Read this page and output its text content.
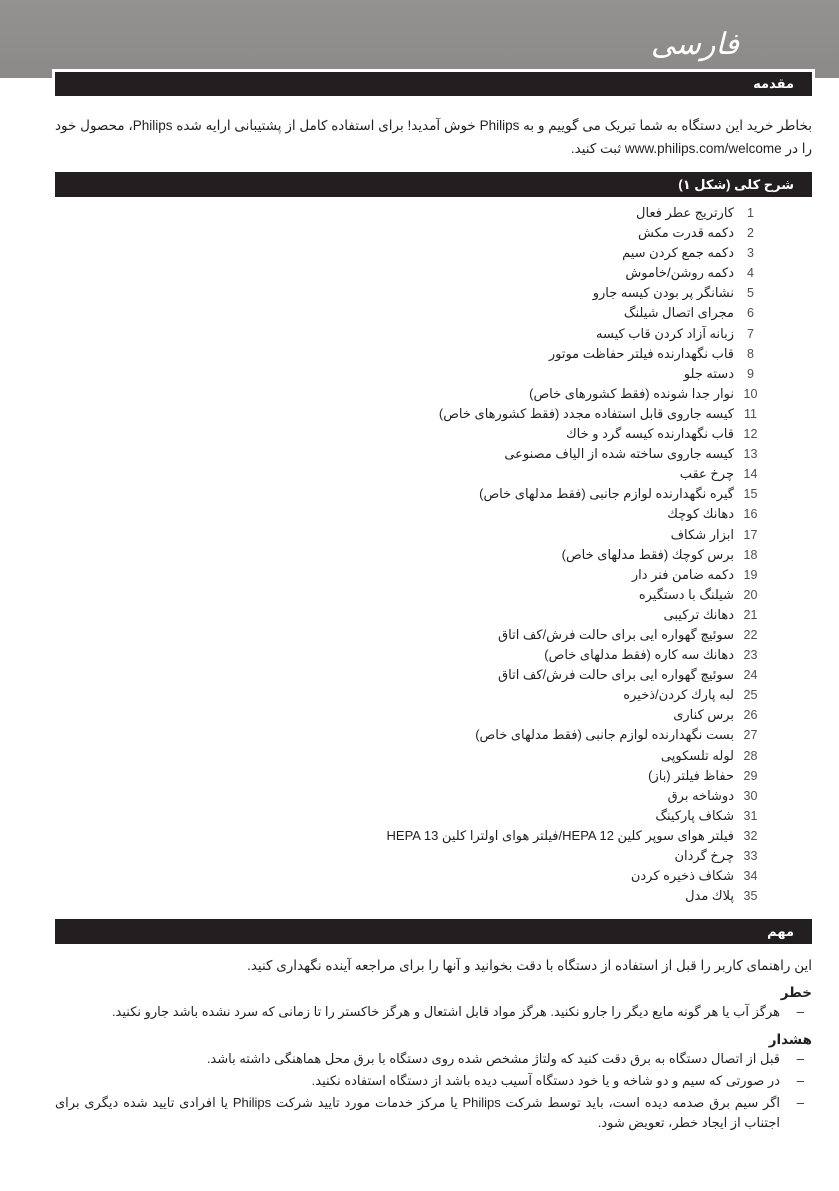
فارسی
مقدمه

بخاطر خرید این دستگاه به شما تبریک می گوییم و به Philips خوش آمدید! برای استفاده کامل از پشتیبانی ارایه شده Philips، محصول خود را در www.philips.com/welcome ثبت کنید.

شرح کلی (شکل ۱)
1
کارتریج عطر فعال
2
دکمه قدرت مکش
3
دکمه جمع کردن سیم
4
دکمه روشن/خاموش
5
نشانگر پر بودن کیسه جارو
6
مجرای اتصال شیلنگ
7
زبانه آزاد کردن قاب کیسه
8
قاب نگهدارنده فیلتر حفاظت موتور
9
دسته جلو
10
نوار جدا شونده (فقط کشورهای خاص)
11
کیسه جاروی قابل استفاده مجدد (فقط کشورهای خاص)
12
قاب نگهدارنده کیسه گرد و خاك
13
کیسه جاروی ساخته شده از الیاف مصنوعی
14
چرخ عقب
15
گیره نگهدارنده لوازم جانبی (فقط مدلهای خاص)
16
دهانك كوچك
17
ابزار شکاف
18
برس كوچك (فقط مدلهای خاص)
19
دکمه ضامن فنر دار
20
شیلنگ با دستگیره
21
دهانك ترکیبی
22
سوئیچ گهواره ایی برای حالت فرش/کف اتاق
23
دهانك سه كاره (فقط مدلهای خاص)
24
سوئیچ گهواره ایی برای حالت فرش/کف اتاق
25
لبه پارك کردن/ذخیره
26
برس کناری
27
بست نگهدارنده لوازم جانبی (فقط مدلهای خاص)
28
لوله تلسکوپی
29
حفاظ فیلتر (باز)
30
دوشاخه برق
31
شکاف پارکینگ
32
فیلتر هوای سوپر کلین HEPA 12/فیلتر هوای اولترا کلین HEPA 13
33
چرخ گردان
34
شکاف ذخیره کردن
35
پلاك مدل
مهم

این راهنمای کاربر را قبل از استفاده از دستگاه با دقت بخوانید و آنها را برای مراجعه آینده نگهداری کنید.

خطر
–
هرگز آب یا هر گونه مایع دیگر را جارو نکنید. هرگز مواد قابل اشتعال و هرگز خاکستر را تا زمانی که سرد نشده باشد جارو نکنید.
هشدار
–
قبل از اتصال دستگاه به برق دقت کنید که ولتاژ مشخص شده روی دستگاه با برق محل هماهنگی داشته باشد.
–
در صورتی که سیم و دو شاخه و یا خود دستگاه آسیب دیده باشد از دستگاه استفاده نکنید.
–
اگر سیم برق صدمه دیده است، باید توسط شرکت Philips یا مرکز خدمات مورد تایید شرکت Philips یا افرادی تایید شده دیگری برای اجتناب از ایجاد خطر، تعویض شود.
